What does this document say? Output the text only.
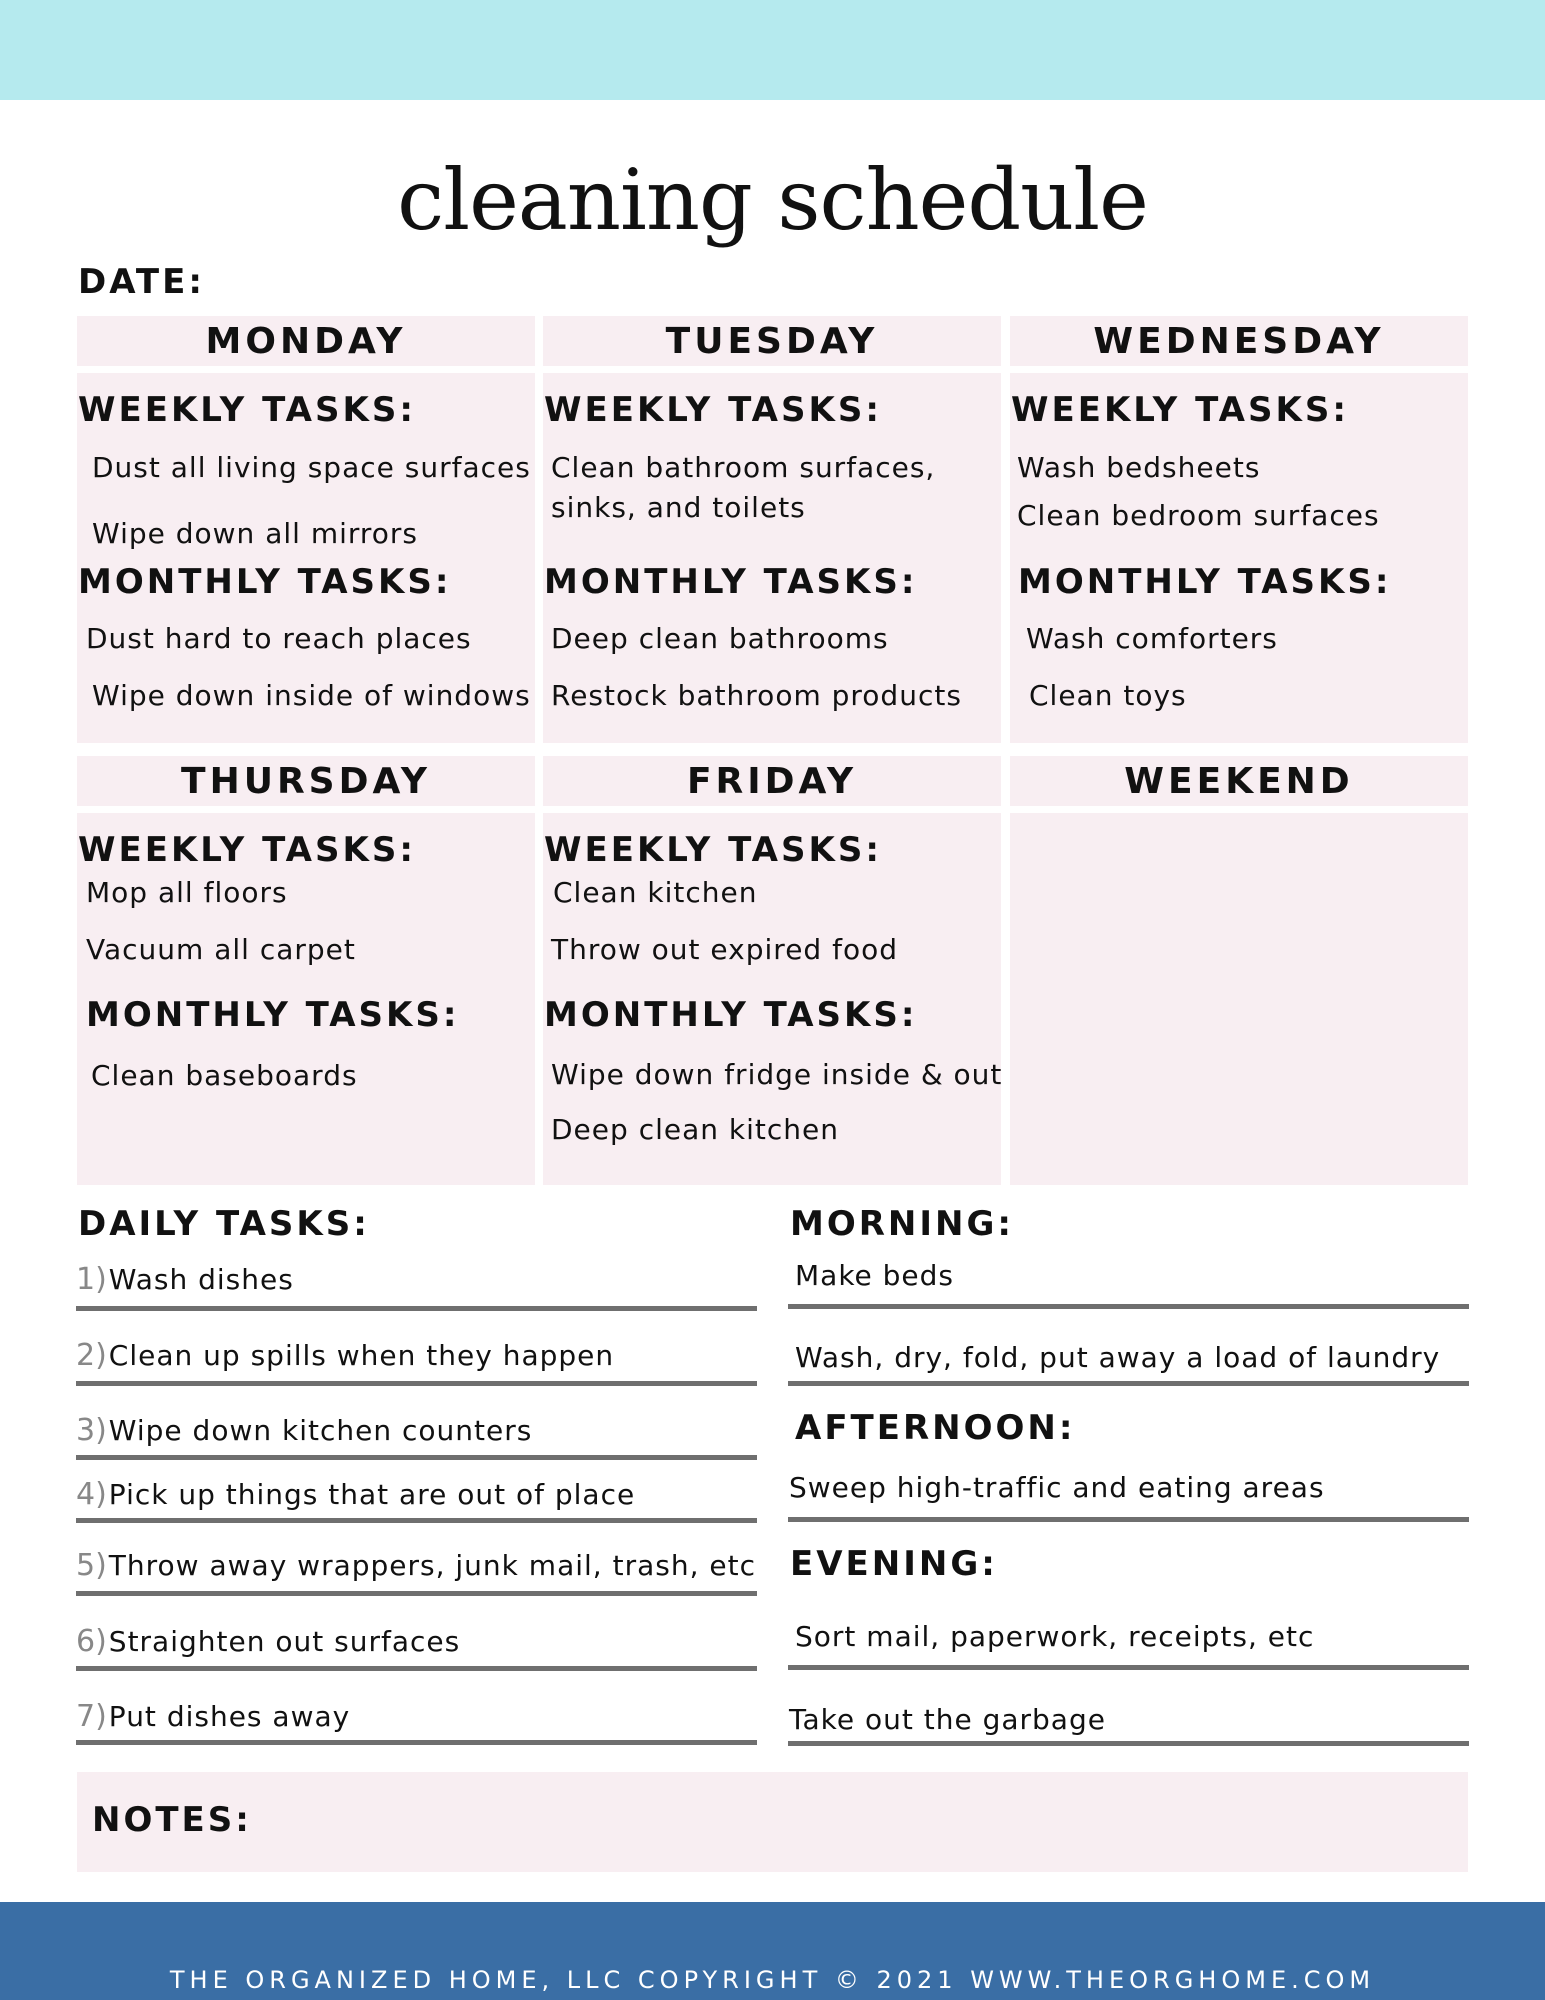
cleaning schedule
DATE:
MONDAY	TUESDAY	WEDNESDAY
WEEKLY TASKS:
Dust all living space surfaces
Wipe down all mirrors
MONTHLY TASKS:
Dust hard to reach places
Wipe down inside of windows
WEEKLY TASKS:
Clean bathroom surfaces, sinks, and toilets
MONTHLY TASKS:
Deep clean bathrooms
Restock bathroom products
WEEKLY TASKS:
Wash bedsheets
Clean bedroom surfaces
MONTHLY TASKS:
Wash comforters
Clean toys
THURSDAY	FRIDAY	WEEKEND
WEEKLY TASKS:
Mop all floors
Vacuum all carpet
MONTHLY TASKS:
Clean baseboards
WEEKLY TASKS:
Clean kitchen
Throw out expired food
MONTHLY TASKS:
Wipe down fridge inside & out
Deep clean kitchen
DAILY TASKS:
1)Wash dishes
2)Clean up spills when they happen
3)Wipe down kitchen counters
4)Pick up things that are out of place
5)Throw away wrappers, junk mail, trash, etc
6)Straighten out surfaces
7)Put dishes away
MORNING:
Make beds
Wash, dry, fold, put away a load of laundry
AFTERNOON:
Sweep high-traffic and eating areas
EVENING:
Sort mail, paperwork, receipts, etc
Take out the garbage
NOTES:
THE ORGANIZED HOME, LLC COPYRIGHT © 2021 WWW.THEORGHOME.COM
